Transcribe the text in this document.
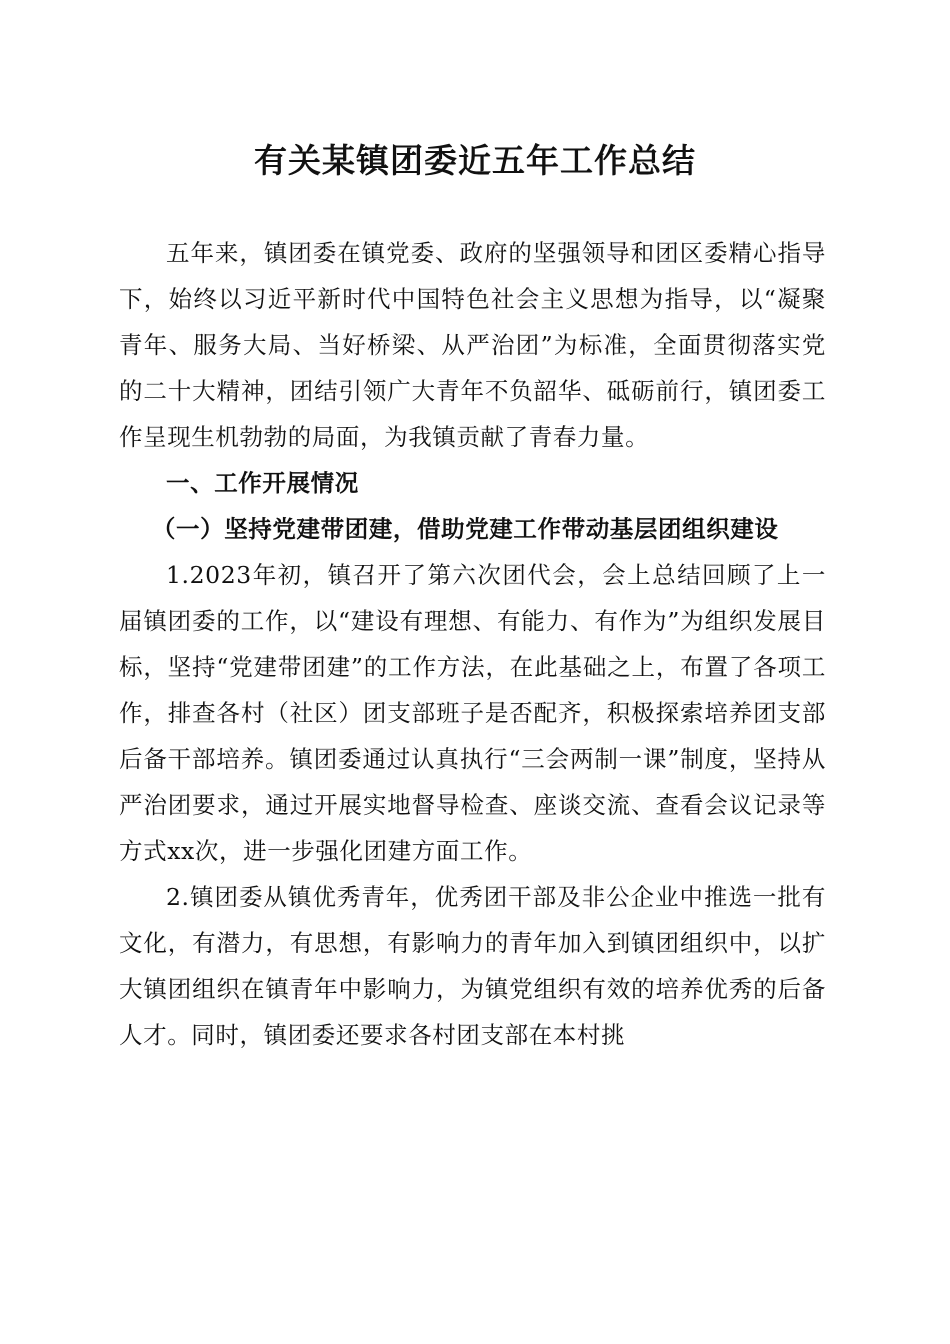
有关某镇团委近五年工作总结

五年来，镇团委在镇党委、政府的坚强领导和团区委精心指导下，始终以习近平新时代中国特色社会主义思想为指导，以“凝聚青年、服务大局、当好桥梁、从严治团”为标准，全面贯彻落实党的二十大精神，团结引领广大青年不负韶华、砥砺前行，镇团委工作呈现生机勃勃的局面，为我镇贡献了青春力量。

一、工作开展情况

（一）坚持党建带团建，借助党建工作带动基层团组织建设

1.2023年初，镇召开了第六次团代会，会上总结回顾了上一届镇团委的工作，以“建设有理想、有能力、有作为”为组织发展目标，坚持“党建带团建”的工作方法，在此基础之上，布置了各项工作，排查各村（社区）团支部班子是否配齐，积极探索培养团支部后备干部培养。镇团委通过认真执行“三会两制一课”制度，坚持从严治团要求，通过开展实地督导检查、座谈交流、查看会议记录等方式xx次，进一步强化团建方面工作。

2.镇团委从镇优秀青年，优秀团干部及非公企业中推选一批有文化，有潜力，有思想，有影响力的青年加入到镇团组织中，以扩大镇团组织在镇青年中影响力，为镇党组织有效的培养优秀的后备人才。同时，镇团委还要求各村团支部在本村挑
